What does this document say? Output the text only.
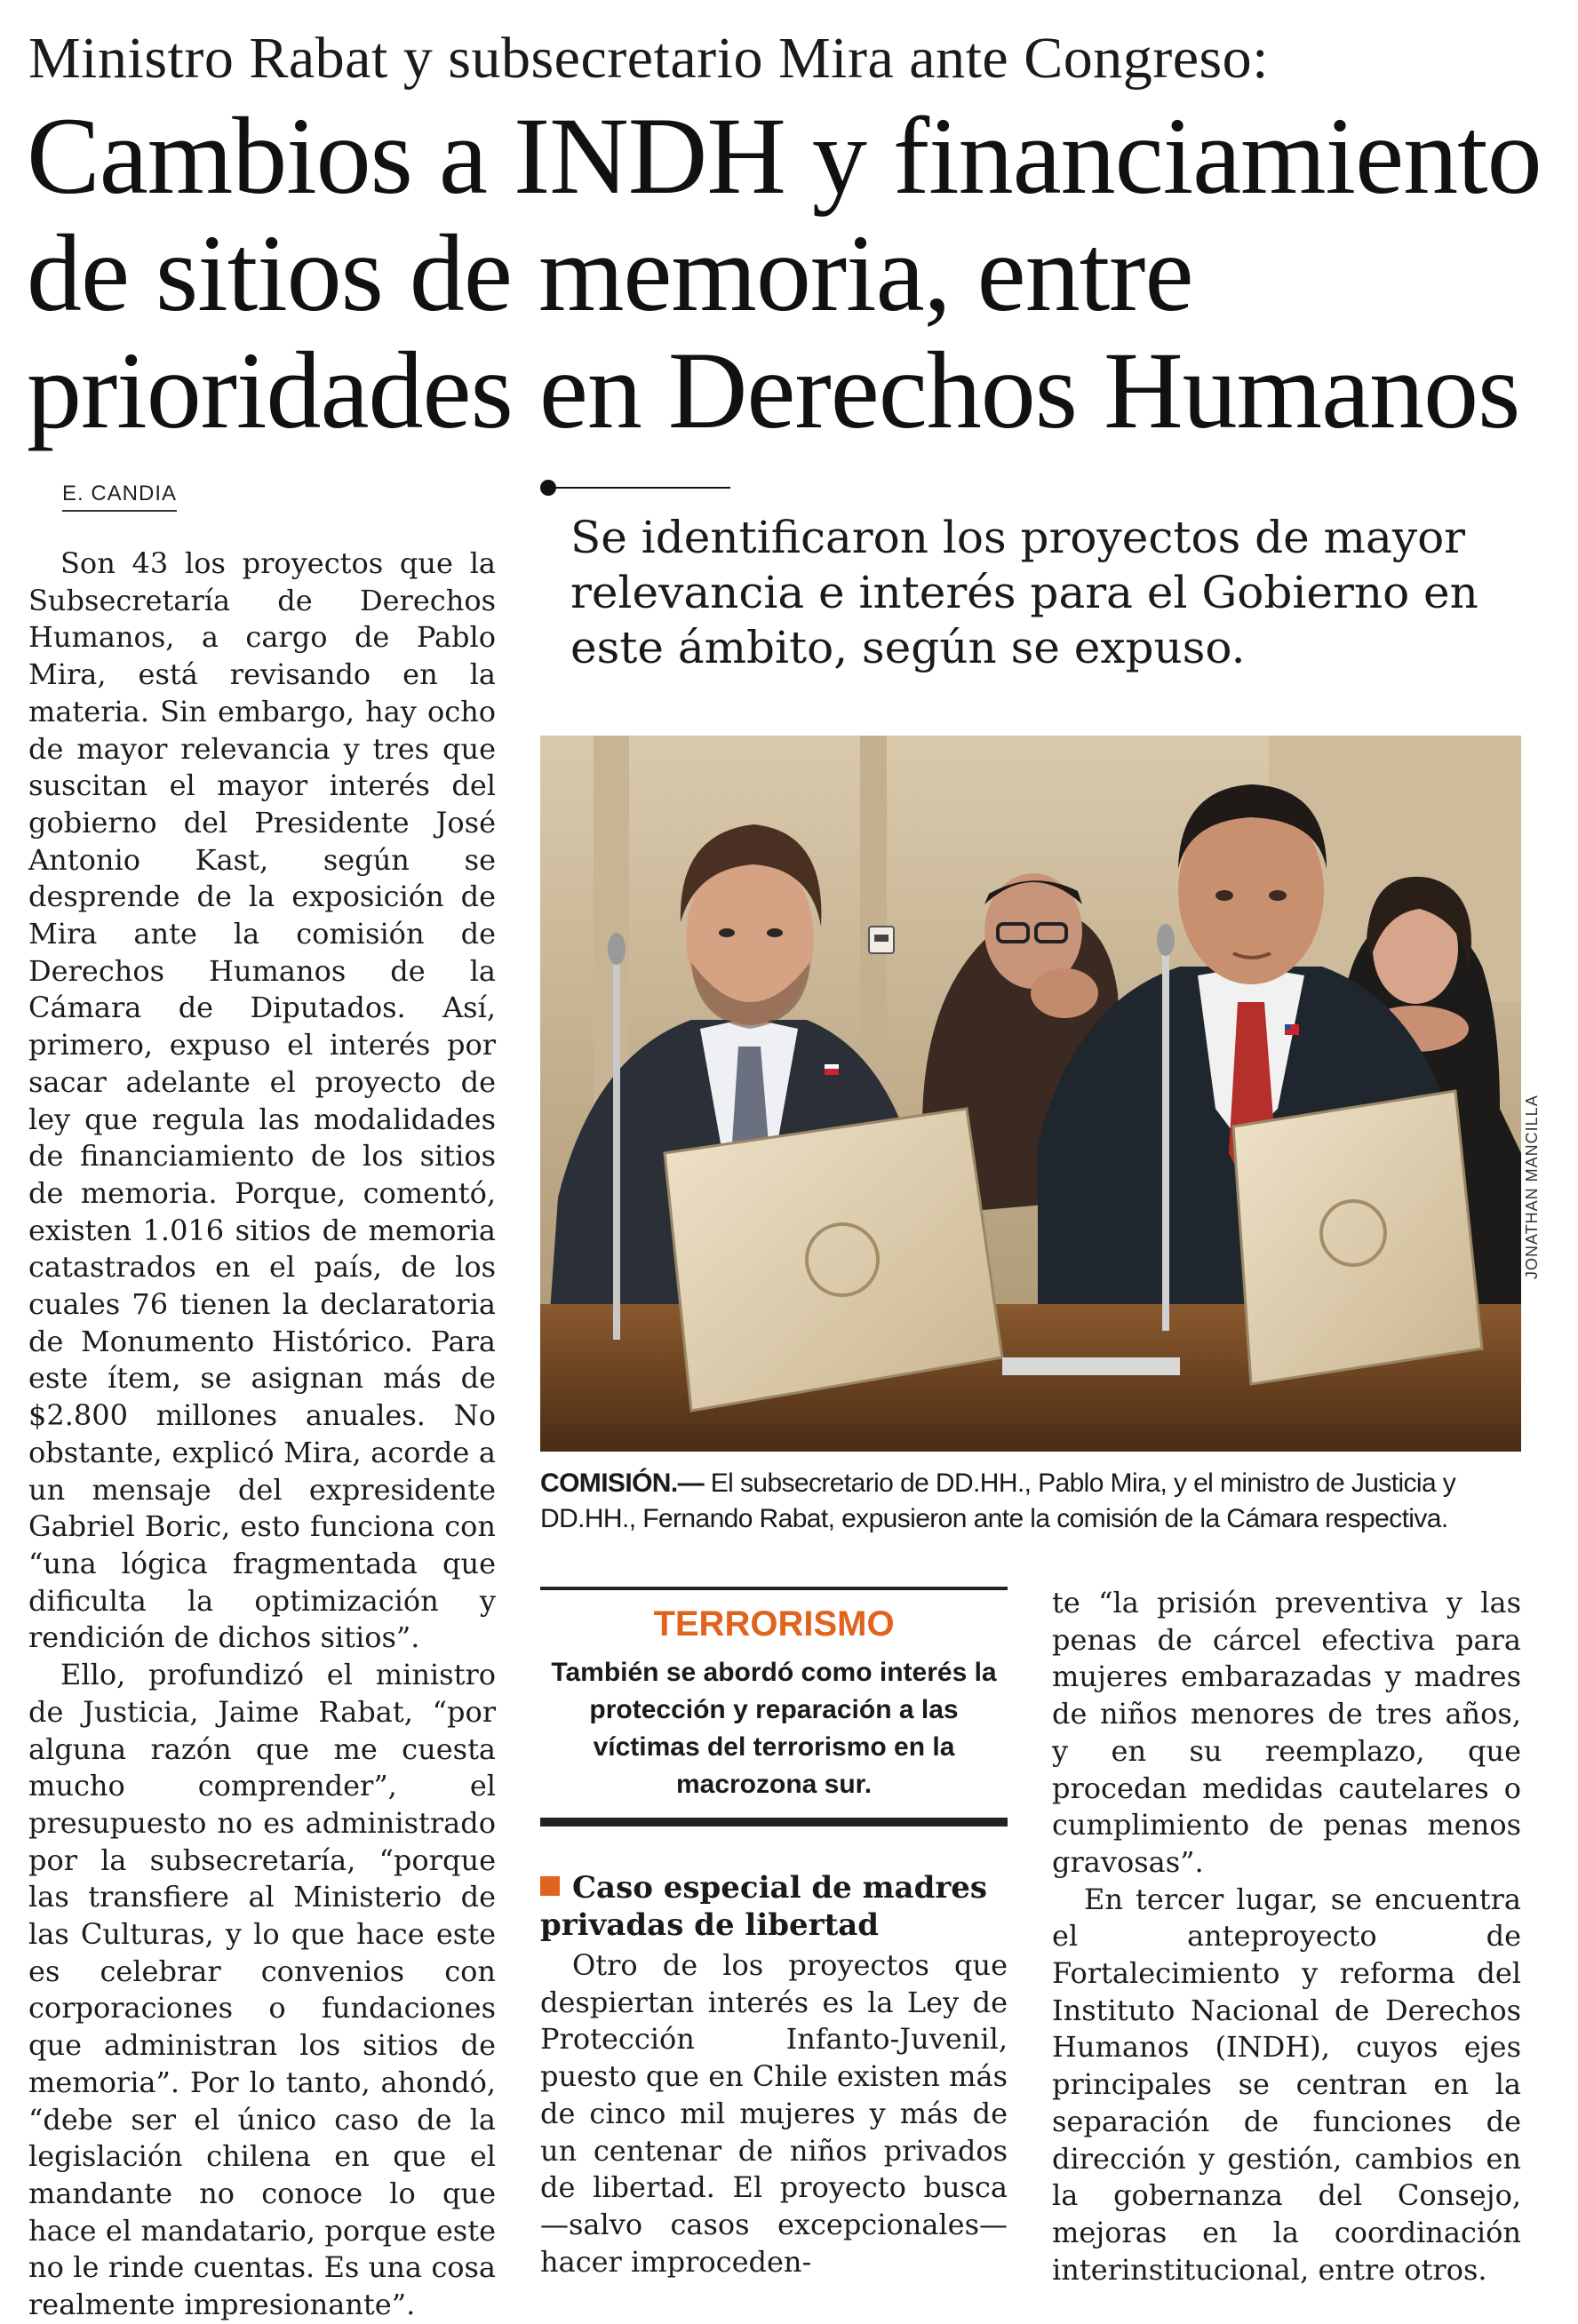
Ministro Rabat y subsecretario Mira ante Congreso:
Cambios a INDH y financiamiento
de sitios de memoria, entre
prioridades en Derechos Humanos
E. CANDIA

Son 43 los proyectos que la Subsecretaría de Derechos Humanos, a cargo de Pablo Mira, está revisando en la materia. Sin embargo, hay ocho de mayor relevancia y tres que suscitan el mayor interés del gobierno del Presidente José Antonio Kast, según se desprende de la exposición de Mira ante la comisión de Derechos Humanos de la Cámara de Diputados. Así, primero, expuso el interés por sacar adelante el proyecto de ley que regula las modalidades de financiamiento de los sitios de memoria. Porque, comentó, existen 1.016 sitios de memoria catastrados en el país, de los cuales 76 tienen la declaratoria de Monumento Histórico. Para este ítem, se asignan más de $2.800 millones anuales. No obstante, explicó Mira, acorde a un mensaje del expresidente Gabriel Boric, esto funciona con “una lógica fragmentada que dificulta la optimización y rendición de dichos sitios”.

Ello, profundizó el ministro de Justicia, Jaime Rabat, “por alguna razón que me cuesta mucho comprender”, el presupuesto no es administrado por la subsecretaría, “porque las transfiere al Ministerio de las Culturas, y lo que hace este es celebrar convenios con corporaciones o fundaciones que administran los sitios de memoria”. Por lo tanto, ahondó, “debe ser el único caso de la legislación chilena en que el mandante no conoce lo que hace el mandatario, porque este no le rinde cuentas. Es una cosa realmente impresionante”.

Se identificaron los proyectos de mayor relevancia e interés para el Gobierno en este ámbito, según se expuso.
JONATHAN MANCILLA
COMISIÓN.— El subsecretario de DD.HH., Pablo Mira, y el ministro de Justicia y DD.HH., Fernando Rabat, expusieron ante la comisión de la Cámara respectiva.
TERRORISMO
También se abordó como interés la protección y reparación a las víctimas del terrorismo en la macrozona sur.
Caso especial de madres privadas de libertad

Otro de los proyectos que despiertan interés es la Ley de Protección Infanto-Juvenil, puesto que en Chile existen más de cinco mil mujeres y más de un centenar de niños privados de libertad. El proyecto busca —salvo casos excepcionales— hacer improceden-

te “la prisión preventiva y las penas de cárcel efectiva para mujeres embarazadas y madres de niños menores de tres años, y en su reemplazo, que procedan medidas cautelares o cumplimiento de penas menos gravosas”.

En tercer lugar, se encuentra el anteproyecto de Fortalecimiento y reforma del Instituto Nacional de Derechos Humanos (INDH), cuyos ejes principales se centran en la separación de funciones de dirección y gestión, cambios en la gobernanza del Consejo, mejoras en la coordinación interinstitucional, entre otros.
